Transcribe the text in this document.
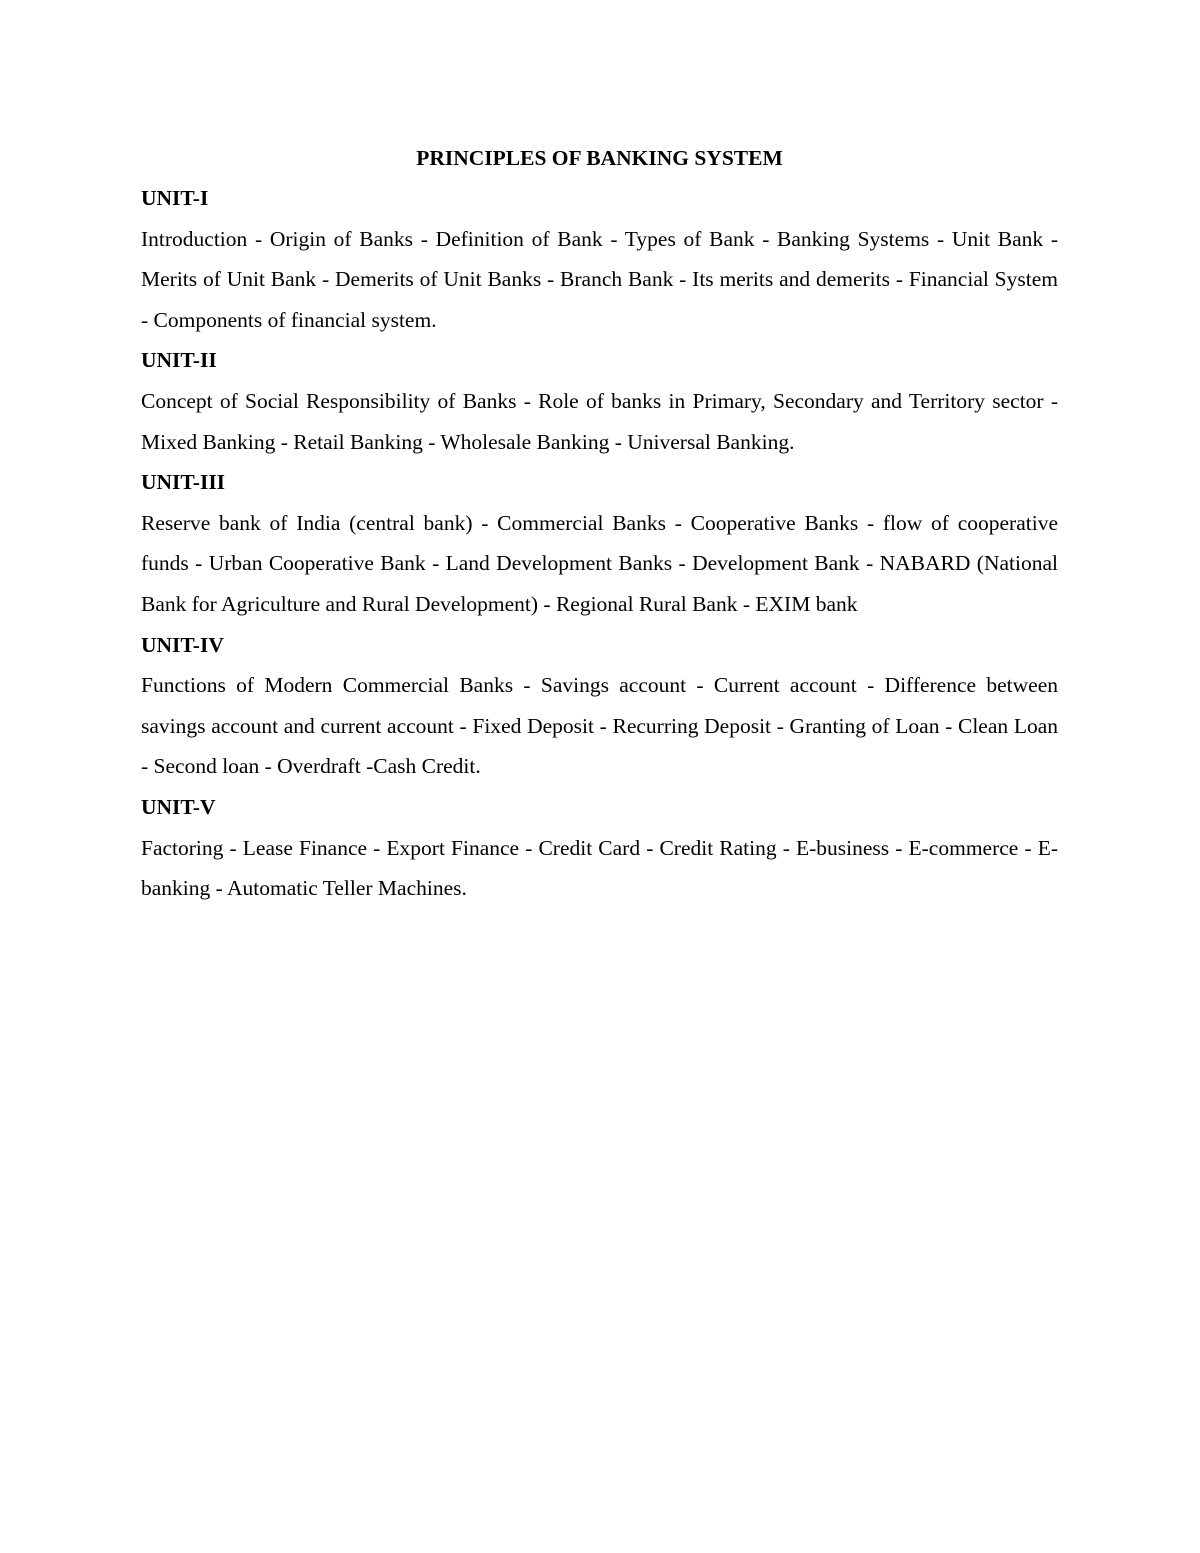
PRINCIPLES OF BANKING SYSTEM
UNIT-I

Introduction - Origin of Banks - Definition of Bank - Types of Bank - Banking Systems - Unit Bank - Merits of Unit Bank - Demerits of Unit Banks - Branch Bank - Its merits and demerits - Financial System - Components of financial system.

UNIT-II

Concept of Social Responsibility of Banks - Role of banks in Primary, Secondary and Territory sector - Mixed Banking - Retail Banking - Wholesale Banking - Universal Banking.

UNIT-III

Reserve bank of India (central bank) - Commercial Banks - Cooperative Banks - flow of cooperative funds - Urban Cooperative Bank - Land Development Banks - Development Bank - NABARD (National Bank for Agriculture and Rural Development) - Regional Rural Bank - EXIM bank

UNIT-IV

Functions of Modern Commercial Banks - Savings account - Current account - Difference between savings account and current account - Fixed Deposit - Recurring Deposit - Granting of Loan - Clean Loan - Second loan - Overdraft -Cash Credit.

UNIT-V

Factoring - Lease Finance - Export Finance - Credit Card - Credit Rating - E-business - E-commerce - E-banking - Automatic Teller Machines.
